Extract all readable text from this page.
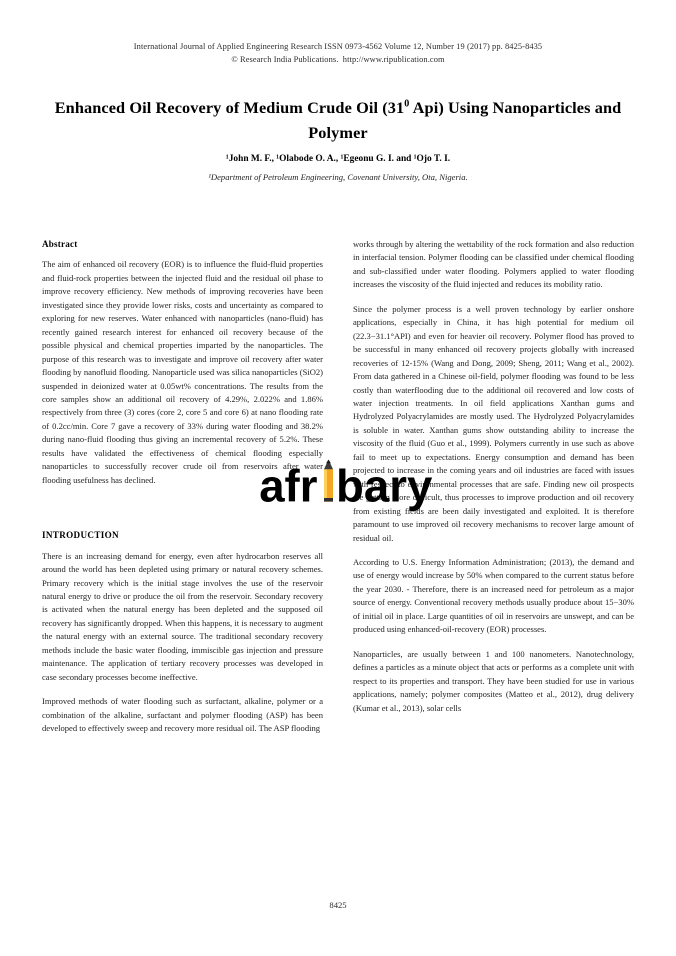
International Journal of Applied Engineering Research ISSN 0973-4562 Volume 12, Number 19 (2017) pp. 8425-8435
© Research India Publications.  http://www.ripublication.com
Enhanced Oil Recovery of Medium Crude Oil ($31^0$ Api) Using Nanoparticles and Polymer
¹John M. F., ¹Olabode O. A., ¹Egeonu G. I. and ¹Ojo T. I.
¹Department of Petroleum Engineering, Covenant University, Ota, Nigeria.
Abstract

The aim of enhanced oil recovery (EOR) is to influence the fluid-fluid properties and fluid-rock properties between the injected fluid and the residual oil phase to improve recovery efficiency. New methods of improving recoveries have been investigated since they provide lower risks, costs and uncertainty as compared to exploring for new reserves. Water enhanced with nanoparticles (nano-fluid) has recently gained research interest for enhanced oil recovery because of the possible physical and chemical properties imparted by the nanoparticles. The purpose of this research was to investigate and improve oil recovery after water flooding by nanofluid flooding. Nanoparticle used was silica nanoparticles (SiO2) suspended in deionized water at 0.05wt% concentrations. The results from the core samples show an additional oil recovery of 4.29%, 2.022% and 1.86% respectively from three (3) cores (core 2, core 5 and core 6) at nano flooding rate of 0.2cc/min. Core 7 gave a recovery of 33% during water flooding and 38.2% during nano-fluid flooding thus giving an incremental recovery of 5.2%. These results have validated the effectiveness of chemical flooding especially nanoparticles to successfully recover crude oil from reservoirs after water flooding usefulness has declined.

INTRODUCTION

There is an increasing demand for energy, even after hydrocarbon reserves all around the world has been depleted using primary or natural recovery schemes. Primary recovery which is the initial stage involves the use of the reservoir natural energy to drive or produce the oil from the reservoir. Secondary recovery is activated when the natural energy has been depleted and the supposed oil recovery has significantly dropped. When this happens, it is necessary to augment the natural energy with an external source. The traditional secondary recovery methods include the basic water flooding, immiscible gas injection and pressure maintenance. The application of tertiary recovery processes was developed in case secondary processes become ineffective.

Improved methods of water flooding such as surfactant, alkaline, polymer or a combination of the alkaline, surfactant and polymer flooding (ASP) has been developed to effectively sweep and recovery more residual oil. The ASP flooding

works through by altering the wettability of the rock formation and also reduction in interfacial tension. Polymer flooding can be classified under chemical flooding and sub-classified under water flooding. Polymers applied to water flooding increases the viscosity of the fluid injected and reduces its mobility ratio.

Since the polymer process is a well proven technology by earlier onshore applications, especially in China, it has high potential for medium oil (22.3−31.1°API) and even for heavier oil recovery. Polymer flood has proved to be successful in many enhanced oil recovery projects globally with increased recoveries of 12-15% (Wang and Dong, 2009; Sheng, 2011; Wang et al., 2002). From data gathered in a Chinese oil-field, polymer flooding was found to be less costly than waterflooding due to the additional oil recovered and low costs of water injection treatments. In oil field applications Xanthan gums and Hydrolyzed Polyacrylamides are mostly used. The Hydrolyzed Polyacrylamides is soluble in water. Xanthan gums show outstanding ability to increase the viscosity of the fluid (Guo et al., 1999). Polymers currently in use such as above fail to meet up to expectations. Energy consumption and demand has been projected to increase in the coming years and oil industries are faced with issues with respect to environmental processes that are safe. Finding new oil prospects are getting more difficult, thus processes to improve production and oil recovery from existing fields are been daily investigated and exploited. It is therefore paramount to use improved oil recovery mechanisms to recover large amount of residual oil.

According to U.S. Energy Information Administration; (2013), the demand and use of energy would increase by 50% when compared to the current status before the year 2030. - Therefore, there is an increased need for petroleum as a major source of energy. Conventional recovery methods usually produce about 15−30% of initial oil in place. Large quantities of oil in reservoirs are unswept, and can be produced using enhanced-oil-recovery (EOR) processes.

Nanoparticles, are usually between 1 and 100 nanometers. Nanotechnology, defines a particles as a minute object that acts or performs as a complete unit with respect to its properties and transport. They have been studied for use in various applications, namely; polymer composites (Matteo et al., 2012), drug delivery (Kumar et al., 2013), solar cells

afr bary
8425
